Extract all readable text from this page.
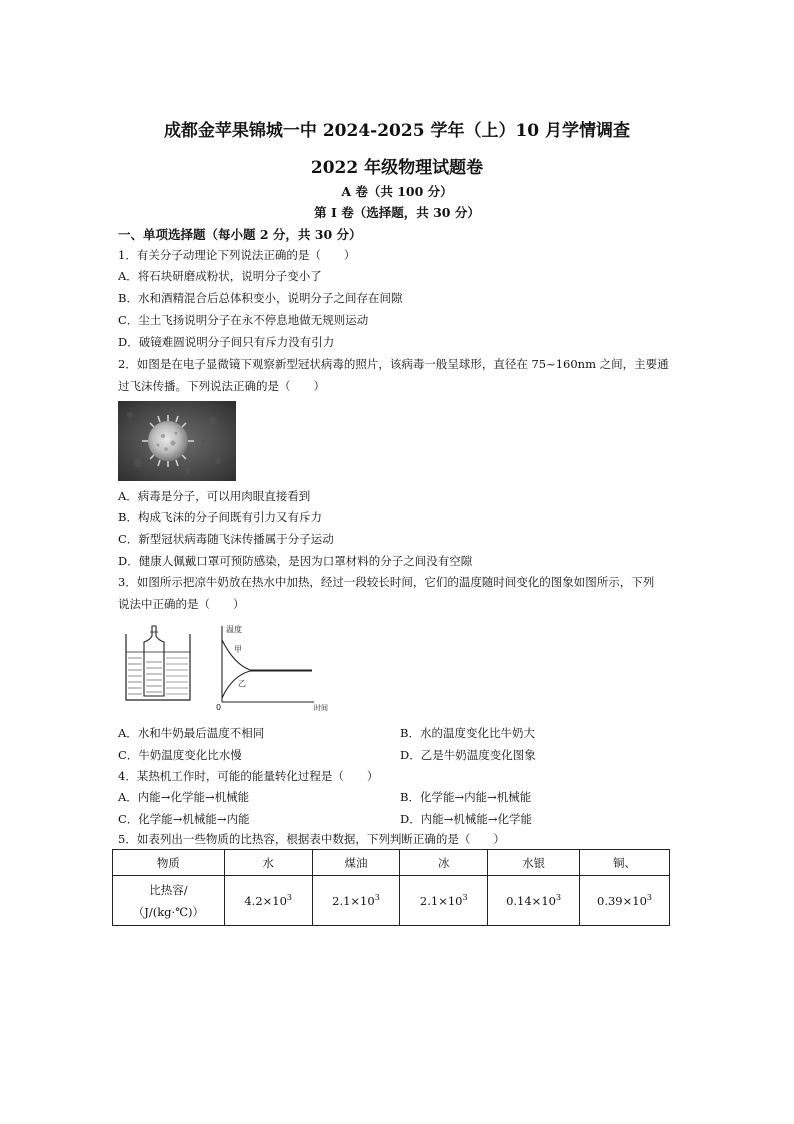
成都金苹果锦城一中 2024-2025 学年（上）10 月学情调查
2022 年级物理试题卷
A 卷（共 100 分）
第 I 卷（选择题，共 30 分）
一、单项选择题（每小题 2 分，共 30 分）
1．有关分子动理论下列说法正确的是（　　）
A．将石块研磨成粉状，说明分子变小了
B．水和酒精混合后总体积变小，说明分子之间存在间隙
C．尘土飞扬说明分子在永不停息地做无规则运动
D．破镜难圆说明分子间只有斥力没有引力
2．如图是在电子显微镜下观察新型冠状病毒的照片，该病毒一般呈球形，直径在 75~160nm 之间，主要通
过飞沫传播。下列说法正确的是（　　）
A．病毒是分子，可以用肉眼直接看到
B．构成飞沫的分子间既有引力又有斥力
C．新型冠状病毒随飞沫传播属于分子运动
D．健康人佩戴口罩可预防感染，是因为口罩材料的分子之间没有空隙
3．如图所示把凉牛奶放在热水中加热，经过一段较长时间，它们的温度随时间变化的图象如图所示，下列
说法中正确的是（　　）
温度
时间
0
甲
乙
A．水和牛奶最后温度不相同	B．水的温度变化比牛奶大
C．牛奶温度变化比水慢	D．乙是牛奶温度变化图象
4．某热机工作时，可能的能量转化过程是（　　）
A．内能→化学能→机械能	B．化学能→内能→机械能
C．化学能→机械能→内能	D．内能→机械能→化学能
5．如表列出一些物质的比热容，根据表中数据，下列判断正确的是（　　）
物质	水	煤油	冰	水银	铜、

比热容/
（J/(kg·℃)）	$4.2\times 10^3$	$2.1\times 10^3$	$2.1\times 10^3$	$0.14\times 10^3$	$0.39\times 10^3$
